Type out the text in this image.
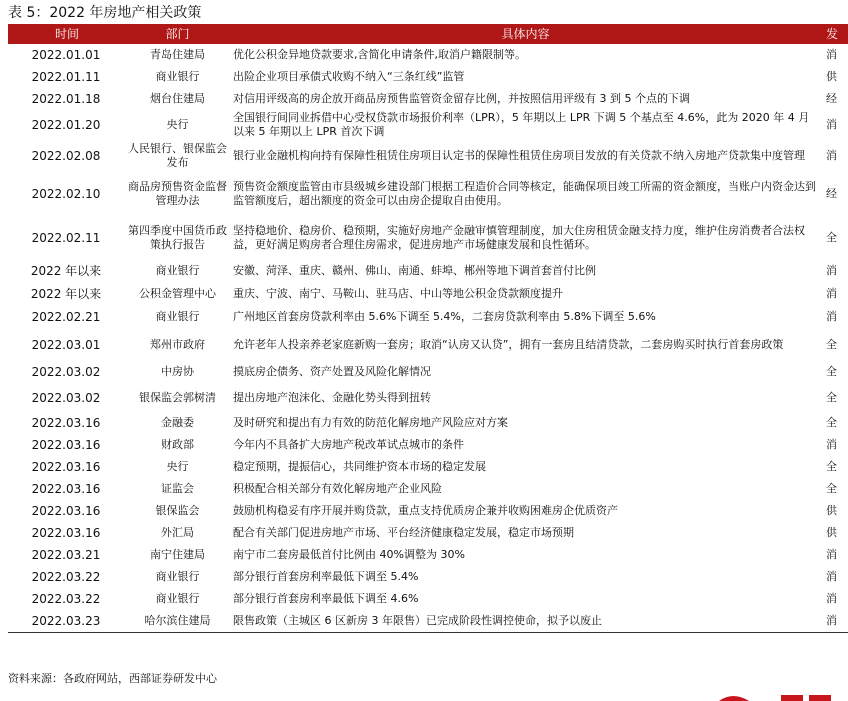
表 5：2022 年房地产相关政策
时间	部门	具体内容	发
2022.01.01	青岛住建局	优化公积金异地贷款要求,含简化申请条件,取消户籍限制等。	消
2022.01.11	商业银行	出险企业项目承债式收购不纳入“三条红线”监管	供
2022.01.18	烟台住建局	对信用评级高的房企放开商品房预售监管资金留存比例，并按照信用评级有 3 到 5 个点的下调	经
2022.01.20	央行	全国银行间同业拆借中心受权贷款市场报价利率（LPR），5 年期以上 LPR 下调 5 个基点至 4.6%，此为 2020 年 4 月以来 5 年期以上 LPR 首次下调	消
2022.02.08	人民银行、银保监会发布	银行业金融机构向持有保障性租赁住房项目认定书的保障性租赁住房项目发放的有关贷款不纳入房地产贷款集中度管理	消
2022.02.10	商品房预售资金监督管理办法	预售资金额度监管由市县级城乡建设部门根据工程造价合同等核定，能确保项目竣工所需的资金额度，当账户内资金达到监管额度后，超出额度的资金可以由房企提取自由使用。	经
2022.02.11	第四季度中国货币政策执行报告	坚持稳地价、稳房价、稳预期，实施好房地产金融审慎管理制度，加大住房租赁金融支持力度，维护住房消费者合法权益，更好满足购房者合理住房需求，促进房地产市场健康发展和良性循环。	全
2022 年以来	商业银行	安徽、菏泽、重庆、赣州、佛山、南通、蚌埠、郴州等地下调首套首付比例	消
2022 年以来	公积金管理中心	重庆、宁波、南宁、马鞍山、驻马店、中山等地公积金贷款额度提升	消
2022.02.21	商业银行	广州地区首套房贷款利率由 5.6%下调至 5.4%，二套房贷款利率由 5.8%下调至 5.6%	消
2022.03.01	郑州市政府	允许老年人投亲养老家庭新购一套房；取消“认房又认贷”，拥有一套房且结清贷款，二套房购买时执行首套房政策	全
2022.03.02	中房协	摸底房企债务、资产处置及风险化解情况	全
2022.03.02	银保监会郭树清	提出房地产泡沫化、金融化势头得到扭转	全
2022.03.16	金融委	及时研究和提出有力有效的防范化解房地产风险应对方案	全
2022.03.16	财政部	今年内不具备扩大房地产税改革试点城市的条件	消
2022.03.16	央行	稳定预期，提振信心，共同维护资本市场的稳定发展	全
2022.03.16	证监会	积极配合相关部分有效化解房地产企业风险	全
2022.03.16	银保监会	鼓励机构稳妥有序开展并购贷款，重点支持优质房企兼并收购困难房企优质资产	供
2022.03.16	外汇局	配合有关部门促进房地产市场、平台经济健康稳定发展，稳定市场预期	供
2022.03.21	南宁住建局	南宁市二套房最低首付比例由 40%调整为 30%	消
2022.03.22	商业银行	部分银行首套房利率最低下调至 5.4%	消
2022.03.22	商业银行	部分银行首套房利率最低下调至 4.6%	消
2022.03.23	哈尔滨住建局	限售政策（主城区 6 区新房 3 年限售）已完成阶段性调控使命，拟予以废止	消
资料来源：各政府网站，西部证券研发中心
